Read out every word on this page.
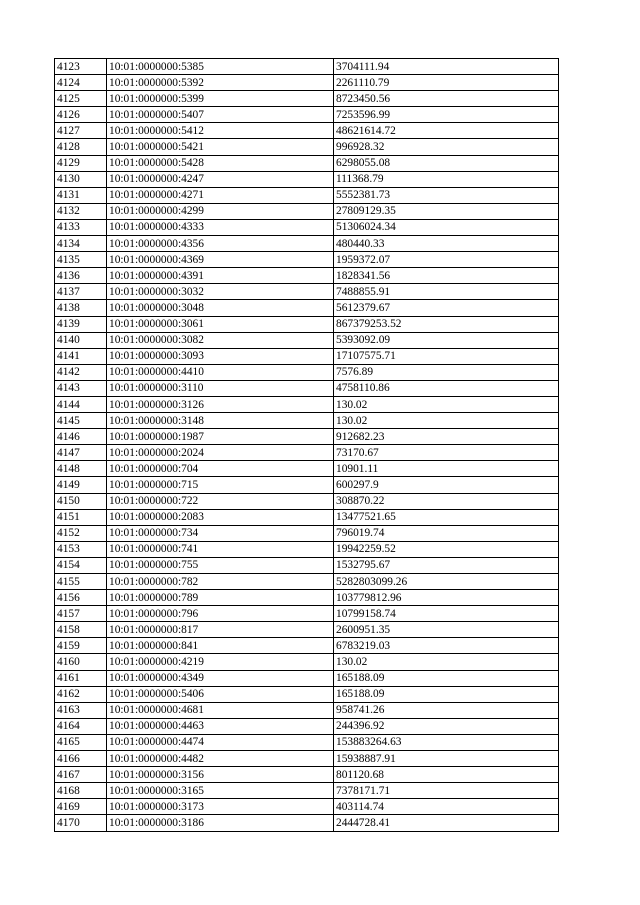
4123	10:01:0000000:5385	3704111.94
4124	10:01:0000000:5392	2261110.79
4125	10:01:0000000:5399	8723450.56
4126	10:01:0000000:5407	7253596.99
4127	10:01:0000000:5412	48621614.72
4128	10:01:0000000:5421	996928.32
4129	10:01:0000000:5428	6298055.08
4130	10:01:0000000:4247	111368.79
4131	10:01:0000000:4271	5552381.73
4132	10:01:0000000:4299	27809129.35
4133	10:01:0000000:4333	51306024.34
4134	10:01:0000000:4356	480440.33
4135	10:01:0000000:4369	1959372.07
4136	10:01:0000000:4391	1828341.56
4137	10:01:0000000:3032	7488855.91
4138	10:01:0000000:3048	5612379.67
4139	10:01:0000000:3061	867379253.52
4140	10:01:0000000:3082	5393092.09
4141	10:01:0000000:3093	17107575.71
4142	10:01:0000000:4410	7576.89
4143	10:01:0000000:3110	4758110.86
4144	10:01:0000000:3126	130.02
4145	10:01:0000000:3148	130.02
4146	10:01:0000000:1987	912682.23
4147	10:01:0000000:2024	73170.67
4148	10:01:0000000:704	10901.11
4149	10:01:0000000:715	600297.9
4150	10:01:0000000:722	308870.22
4151	10:01:0000000:2083	13477521.65
4152	10:01:0000000:734	796019.74
4153	10:01:0000000:741	19942259.52
4154	10:01:0000000:755	1532795.67
4155	10:01:0000000:782	5282803099.26
4156	10:01:0000000:789	103779812.96
4157	10:01:0000000:796	10799158.74
4158	10:01:0000000:817	2600951.35
4159	10:01:0000000:841	6783219.03
4160	10:01:0000000:4219	130.02
4161	10:01:0000000:4349	165188.09
4162	10:01:0000000:5406	165188.09
4163	10:01:0000000:4681	958741.26
4164	10:01:0000000:4463	244396.92
4165	10:01:0000000:4474	153883264.63
4166	10:01:0000000:4482	15938887.91
4167	10:01:0000000:3156	801120.68
4168	10:01:0000000:3165	7378171.71
4169	10:01:0000000:3173	403114.74
4170	10:01:0000000:3186	2444728.41
